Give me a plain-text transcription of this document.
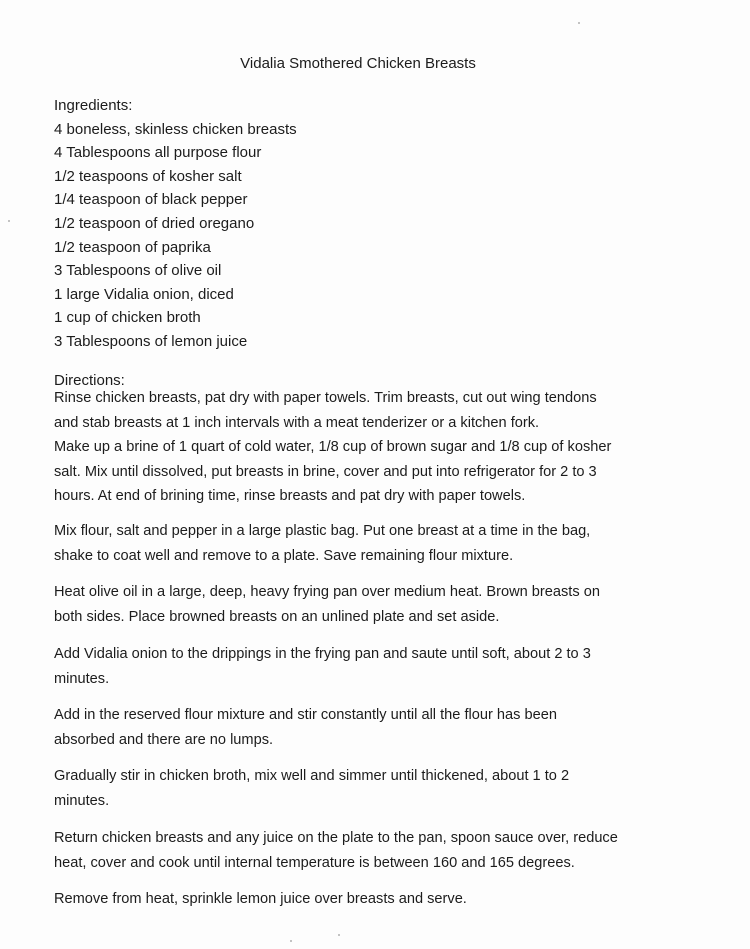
Vidalia Smothered Chicken Breasts
Ingredients:
4 boneless, skinless chicken breasts
4 Tablespoons all purpose flour
1/2 teaspoons of kosher salt
1/4 teaspoon of black pepper
1/2 teaspoon of dried oregano
1/2 teaspoon of paprika
3 Tablespoons of olive oil
1 large Vidalia onion, diced
1 cup of chicken broth
3 Tablespoons of lemon juice
Directions:
Rinse chicken breasts, pat dry with paper towels. Trim breasts, cut out wing tendons
and stab breasts at 1 inch intervals with a meat tenderizer or a kitchen fork.
Make up a brine of 1 quart of cold water, 1/8 cup of brown sugar and 1/8 cup of kosher
salt. Mix until dissolved, put breasts in brine, cover and put into refrigerator for 2 to 3
hours. At end of brining time, rinse breasts and pat dry with paper towels.
Mix flour, salt and pepper in a large plastic bag. Put one breast at a time in the bag,
shake to coat well and remove to a plate. Save remaining flour mixture.
Heat olive oil in a large, deep, heavy frying pan over medium heat. Brown breasts on
both sides. Place browned breasts on an unlined plate and set aside.
Add Vidalia onion to the drippings in the frying pan and saute until soft, about 2 to 3
minutes.
Add in the reserved flour mixture and stir constantly until all the flour has been
absorbed and there are no lumps.
Gradually stir in chicken broth, mix well and simmer until thickened, about 1 to 2
minutes.
Return chicken breasts and any juice on the plate to the pan, spoon sauce over, reduce
heat, cover and cook until internal temperature is between 160 and 165 degrees.
Remove from heat, sprinkle lemon juice over breasts and serve.
